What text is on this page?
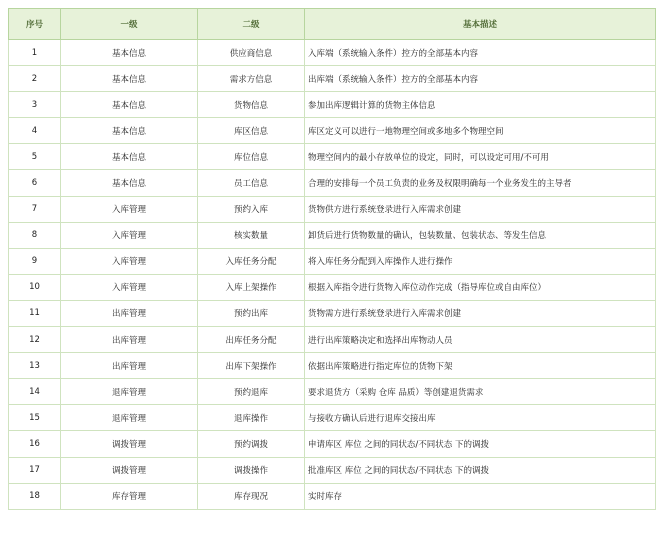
序号	一级	二级	基本描述
1	基本信息	供应商信息	入库端（系统输入条件）控方的全部基本内容
2	基本信息	需求方信息	出库端（系统输入条件）控方的全部基本内容
3	基本信息	货物信息	参加出库逻辑计算的货物主体信息
4	基本信息	库区信息	库区定义可以进行一地物理空间或多地多个物理空间
5	基本信息	库位信息	物理空间内的最小存放单位的设定，同时，可以设定可用/不可用
6	基本信息	员工信息	合理的安排每一个员工负责的业务及权限明确每一个业务发生的主导者
7	入库管理	预约入库	货物供方进行系统登录进行入库需求创建
8	入库管理	核实数量	卸货后进行货物数量的确认，包装数量、包装状态、等发生信息
9	入库管理	入库任务分配	将入库任务分配到入库操作人进行操作
10	入库管理	入库上架操作	根据入库指令进行货物入库位动作完成（指导库位或自由库位）
11	出库管理	预约出库	货物需方进行系统登录进行入库需求创建
12	出库管理	出库任务分配	进行出库策略决定和选择出库物动人员
13	出库管理	出库下架操作	依据出库策略进行指定库位的货物下架
14	退库管理	预约退库	要求退货方（采购 仓库 品质）等创建退货需求
15	退库管理	退库操作	与接收方确认后进行退库交接出库
16	调拨管理	预约调拨	申请库区 库位 之间的同状态/不同状态 下的调拨
17	调拨管理	调拨操作	批准库区 库位 之间的同状态/不同状态 下的调拨
18	库存管理	库存现况	实时库存
